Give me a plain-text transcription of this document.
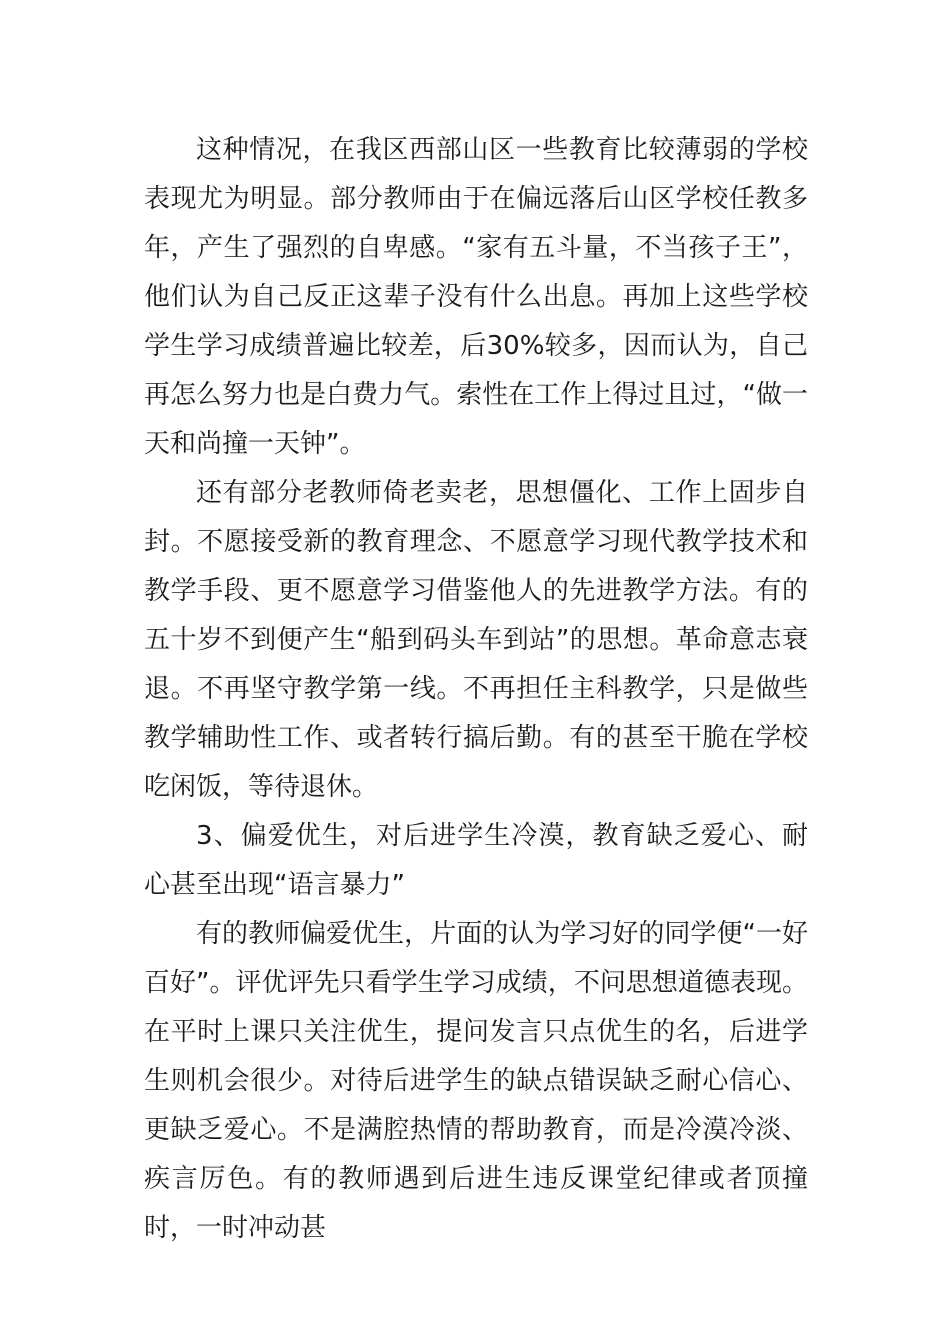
这种情况，在我区西部山区一些教育比较薄弱的学校表现尤为明显。部分教师由于在偏远落后山区学校任教多年，产生了强烈的自卑感。“家有五斗量，不当孩子王”，他们认为自己反正这辈子没有什么出息。再加上这些学校学生学习成绩普遍比较差，后30%较多，因而认为，自己再怎么努力也是白费力气。索性在工作上得过且过，“做一天和尚撞一天钟”。

还有部分老教师倚老卖老，思想僵化、工作上固步自封。不愿接受新的教育理念、不愿意学习现代教学技术和教学手段、更不愿意学习借鉴他人的先进教学方法。有的五十岁不到便产生“船到码头车到站”的思想。革命意志衰退。不再坚守教学第一线。不再担任主科教学，只是做些教学辅助性工作、或者转行搞后勤。有的甚至干脆在学校吃闲饭，等待退休。

3、偏爱优生，对后进学生冷漠，教育缺乏爱心、耐心甚至出现“语言暴力”

有的教师偏爱优生，片面的认为学习好的同学便“一好百好”。评优评先只看学生学习成绩，不问思想道德表现。在平时上课只关注优生，提问发言只点优生的名，后进学生则机会很少。对待后进学生的缺点错误缺乏耐心信心、更缺乏爱心。不是满腔热情的帮助教育，而是冷漠冷淡、疾言厉色。有的教师遇到后进生违反课堂纪律或者顶撞时，一时冲动甚
